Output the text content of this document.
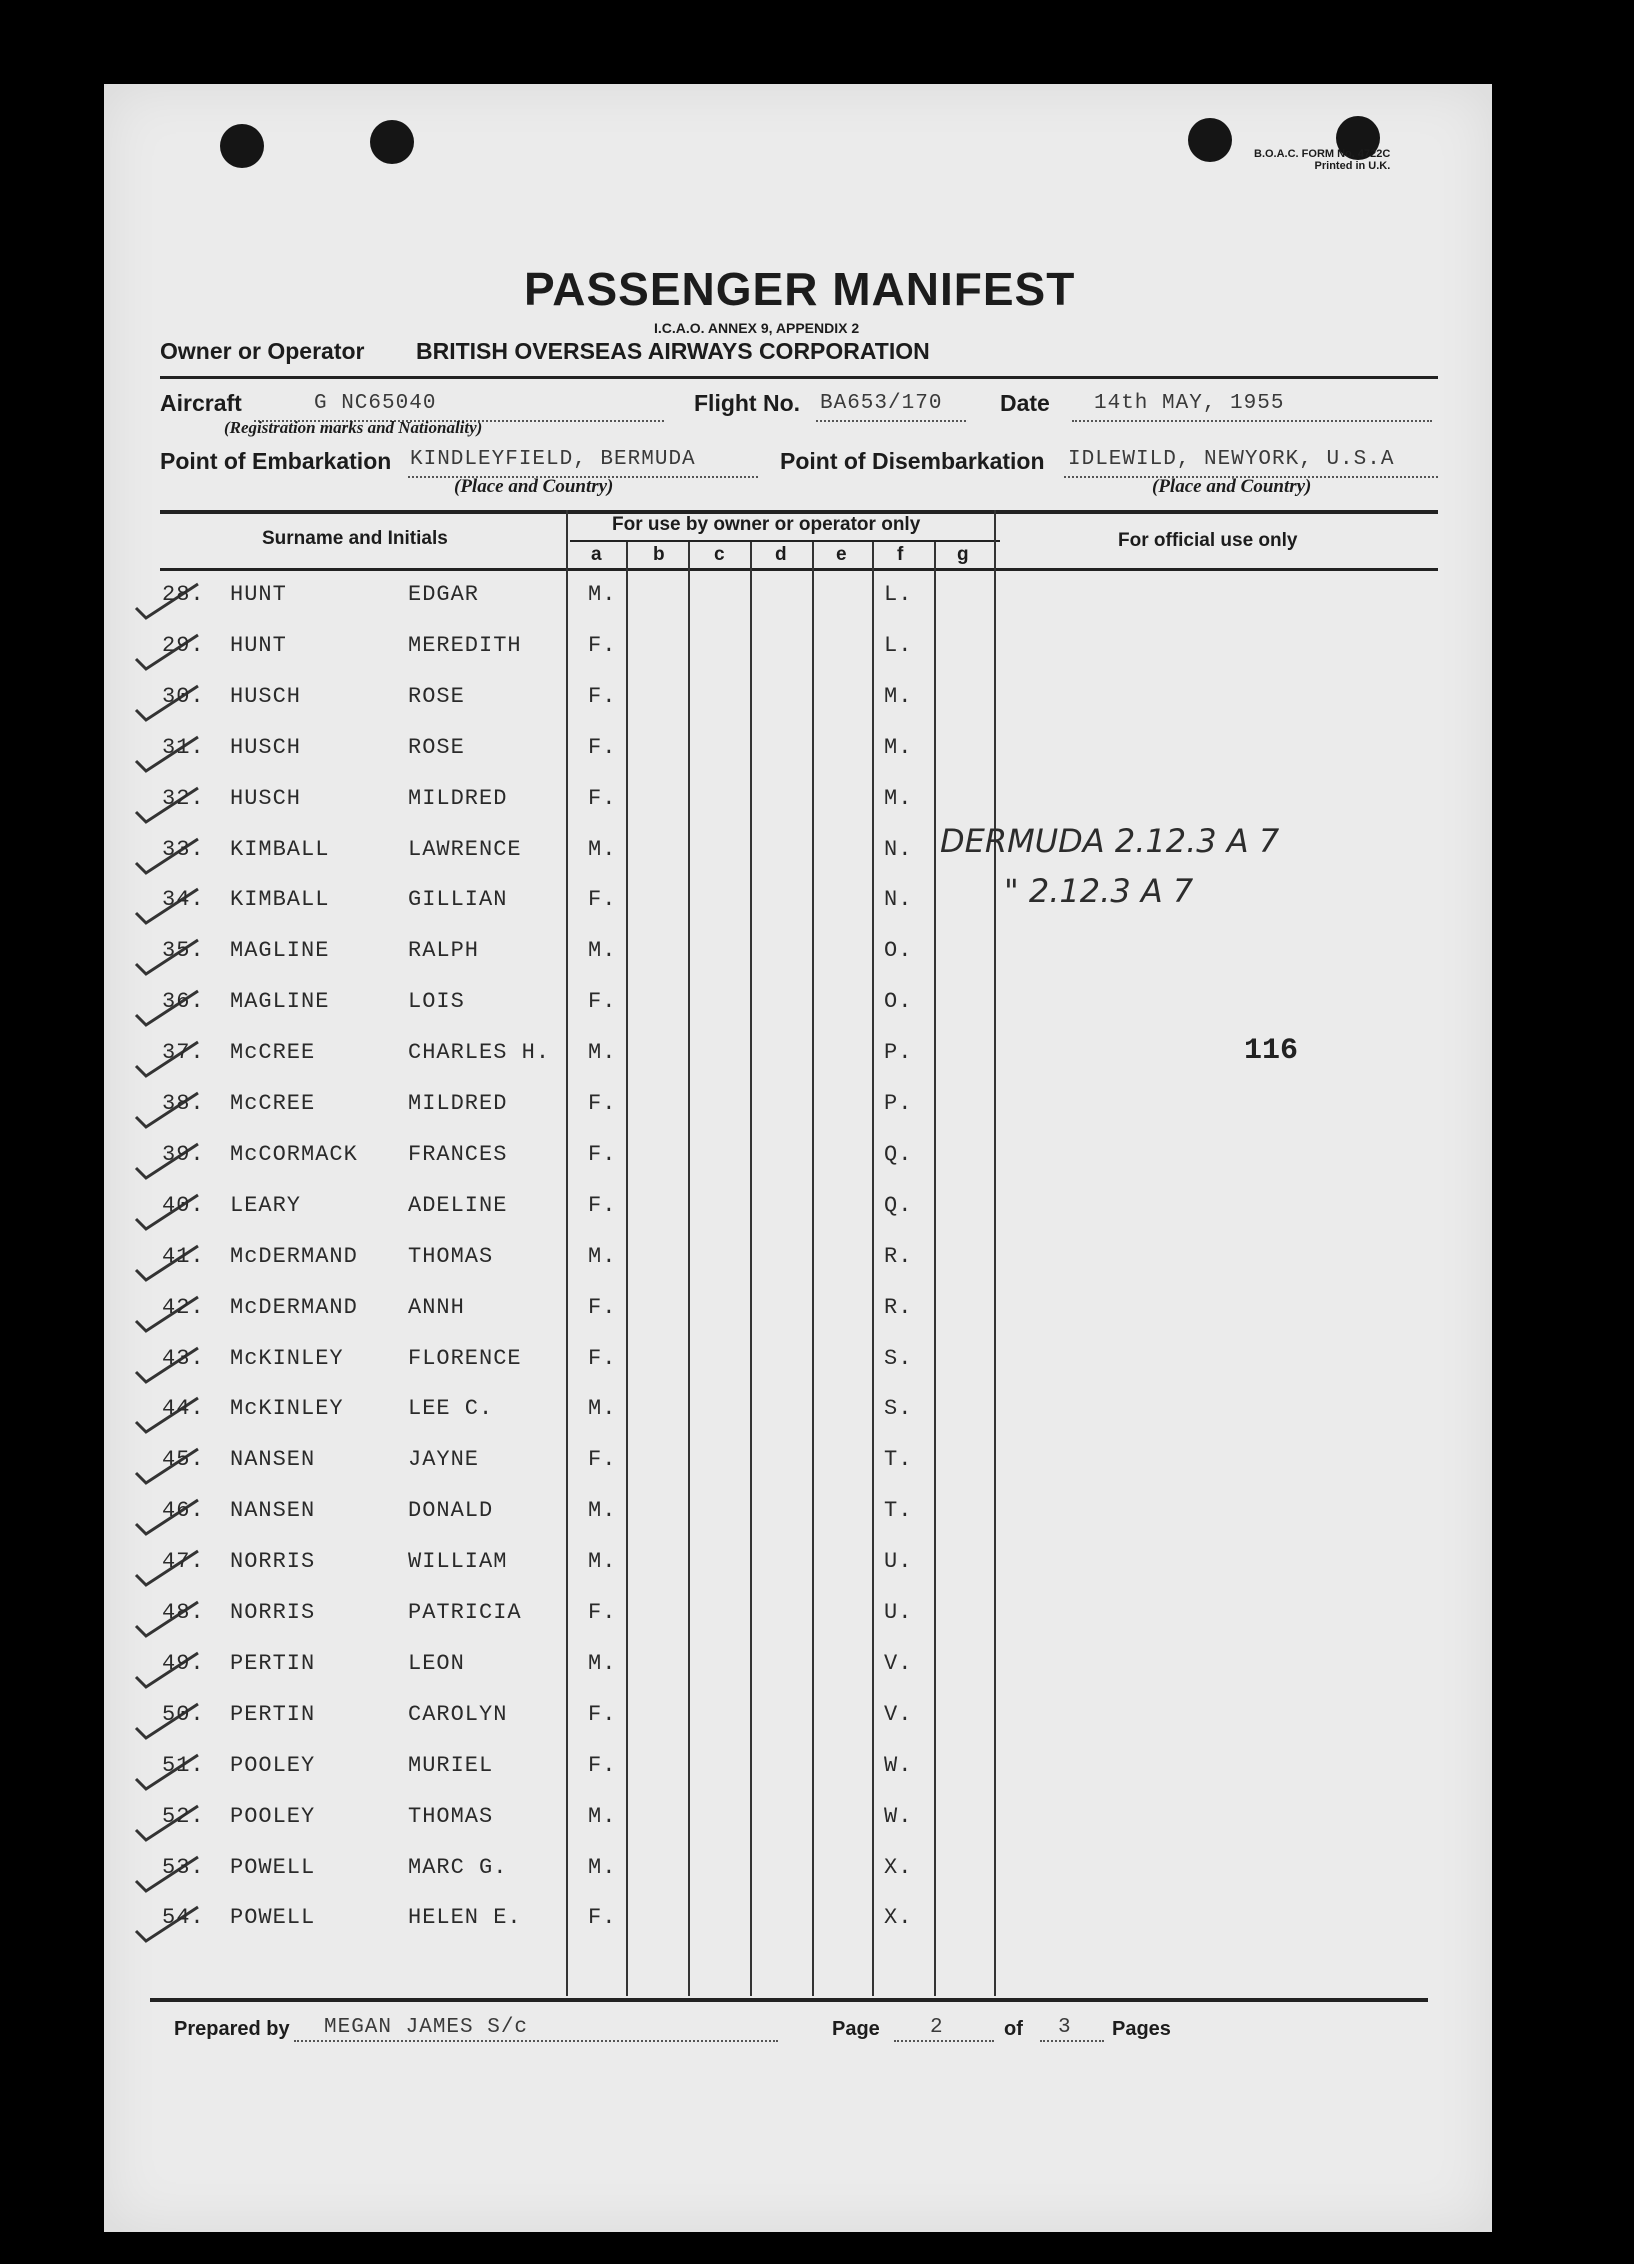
B.O.A.C. FORM No. 4722C
Printed in U.K.
PASSENGER MANIFEST
I.C.A.O. ANNEX 9, APPENDIX 2
Owner or Operator BRITISH OVERSEAS AIRWAYS CORPORATION
Aircraft	G NC65040
(Registration marks and Nationality)
Flight No. BA653/170	Date 14th MAY, 1955
Point of Embarkation KINDLEYFIELD, BERMUDA
(Place and Country)
Point of Disembarkation IDLEWILD, NEWYORK, U.S.A
(Place and Country)
Surname and Initials
For use by owner or operator only
For official use only
a	b	c	d	e	f	g
28. HUNT	EDGAR	M.	L.
29. HUNT	MEREDITH	F.	L.
30. HUSCH	ROSE	F.	M.
31. HUSCH	ROSE	F.	M.
32. HUSCH	MILDRED	F.	M.
33. KIMBALL	LAWRENCE	M.	N.
34. KIMBALL	GILLIAN	F.	N.
35. MAGLINE	RALPH	M.	O.
36. MAGLINE	LOIS	F.	O.
37. McCREE	CHARLES H. M.	P.
38. McCREE	MILDRED	F.	P.
39. McCORMACK FRANCES	F.	Q.
40. LEARY	ADELINE	F.	Q.
41. McDERMAND THOMAS	M.	R.
42. McDERMAND ANNH	F.	R.
43. McKINLEY	FLORENCE	F.	S.
44. McKINLEY	LEE C.	M.	S.
45. NANSEN	JAYNE	F.	T.
46. NANSEN	DONALD	M.	T.
47. NORRIS	WILLIAM	M.	U.
48. NORRIS	PATRICIA	F.	U.
49. PERTIN	LEON	M.	V.
50. PERTIN	CAROLYN	F.	V.
51. POOLEY	MURIEL	F.	W.
52. POOLEY	THOMAS	M.	W.
53. POWELL	MARC G.	M.	X.
54. POWELL	HELEN E.	F.	X.
DERMUDA 2.12.3 A 7
" 2.12.3 A 7
116
Prepared by MEGAN JAMES S/c	Page 2	of 3 Pages
